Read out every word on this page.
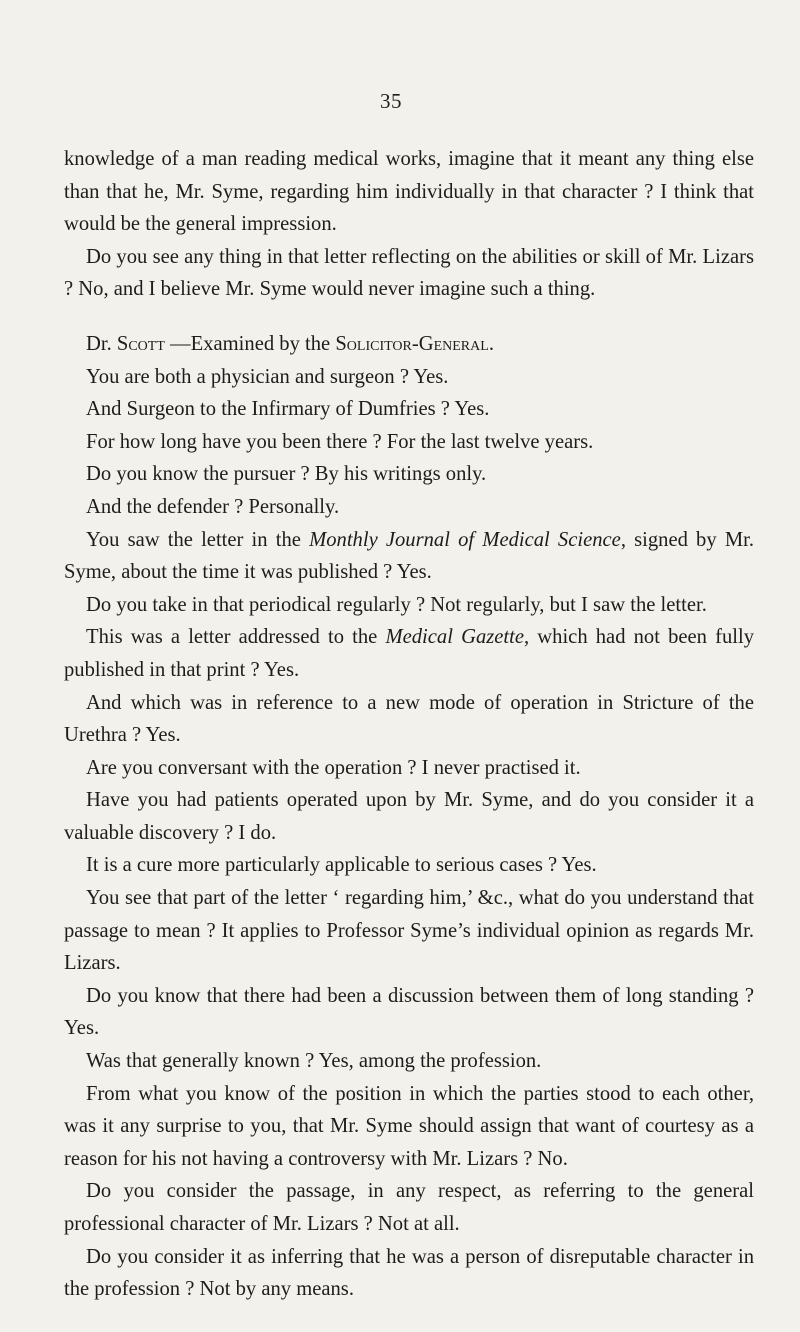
35

knowledge of a man reading medical works, imagine that it meant any thing else than that he, Mr. Syme, regarding him individually in that character ? I think that would be the general impression.

Do you see any thing in that letter reflecting on the abilities or skill of Mr. Lizars ? No, and I believe Mr. Syme would never imagine such a thing.

Dr. Scott —Examined by the Solicitor-General.

You are both a physician and surgeon ? Yes.

And Surgeon to the Infirmary of Dumfries ? Yes.

For how long have you been there ? For the last twelve years.

Do you know the pursuer ? By his writings only.

And the defender ? Personally.

You saw the letter in the Monthly Journal of Medical Science, signed by Mr. Syme, about the time it was published ? Yes.

Do you take in that periodical regularly ? Not regularly, but I saw the letter.

This was a letter addressed to the Medical Gazette, which had not been fully published in that print ? Yes.

And which was in reference to a new mode of operation in Stricture of the Urethra ? Yes.

Are you conversant with the operation ? I never practised it.

Have you had patients operated upon by Mr. Syme, and do you consider it a valuable discovery ? I do.

It is a cure more particularly applicable to serious cases ? Yes.

You see that part of the letter ‘ regarding him,’ &c., what do you understand that passage to mean ? It applies to Professor Syme’s individual opinion as regards Mr. Lizars.

Do you know that there had been a discussion between them of long standing ? Yes.

Was that generally known ? Yes, among the profession.

From what you know of the position in which the parties stood to each other, was it any surprise to you, that Mr. Syme should assign that want of courtesy as a reason for his not having a controversy with Mr. Lizars ? No.

Do you consider the passage, in any respect, as referring to the general professional character of Mr. Lizars ? Not at all.

Do you consider it as inferring that he was a person of disreputable character in the profession ? Not by any means.
